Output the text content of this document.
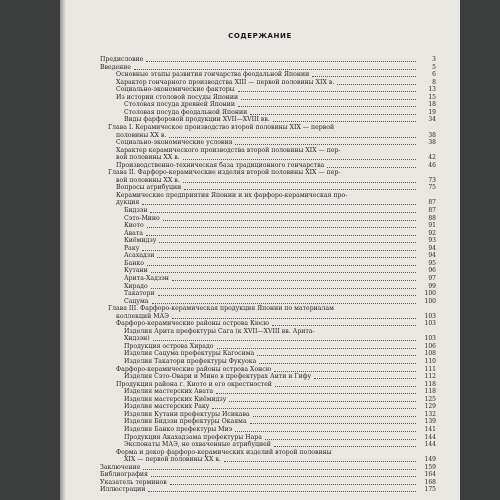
СОДЕРЖАНИЕ
Предисловие	3
Введение	5
Основные этапы развития гончарства феодальной Японии	6
Характер гончарного производства XIII — первой половины XIX в.	8
Социально-экономические факторы	13
Из истории столовой посуды Японии	15
Столовая посуда древней Японии	18
Столовая посуда феодальной Японии	19
Виды фарфоровой продукции XVII—XVIII вв.	34
Глава I. Керамическое производство второй половины XIX — первой
половины XX в.	38
Социально-экономические условия	38
Характер керамического производства второй половины XIX — пер-
вой половины XX в.	42
Производственно-техническая база традиционного гончарства	46
Глава II. Фарфоро-керамические изделия второй половины XIX — пер-
вой половины XX в.	73
Вопросы атрибуции	75
Керамические предприятия Японии и их фарфоро-керамическая про-
дукция	87
Бидзэн	87
Сэто-Мино	88
Киото	91
Авата	92
Киёмидзу	93
Раку	94
Асахадзи	94
Банко	95
Кутани	96
Арита-Хадзэн	97
Хирадо	99
Такатори	100
Сацума	100
Глава III. Фарфоро-керамическая продукция Японии по материалам
коллекций МАЭ	103
Фарфоро-керамические районы острова Кюсю	103
Изделия Арита префектуры Сага (к XVII—XVIII вв. Арита-
Хидзэн)	103
Продукция острова Хирадо	106
Изделия Сацума префектуры Кагосима	108
Изделия Такатори префектуры Фукуока	110
Фарфоро-керамические районы острова Хонсю	111
Изделия Сэто-Овари и Мино в префектурах Аити и Гифу	112
Продукция района г. Киото и его окрестностей	118
Изделия мастерских Авата	118
Изделия мастерских Киёмидзу	125
Изделия мастерских Раку	129
Изделия Кутани префектуры Исикава	132
Изделия Бидзэн префектуры Окаяма	139
Изделия Банко префектуры Миэ	141
Продукция Акахадзама префектуры Нара	144
Экспонаты МАЭ, не охваченные атрибуцией	144
Форма и декор фарфоро-керамических изделий второй половины
XIX — первой половины XX в.	149
Заключение	159
Библиография	164
Указатель терминов	168
Иллюстрации	175
